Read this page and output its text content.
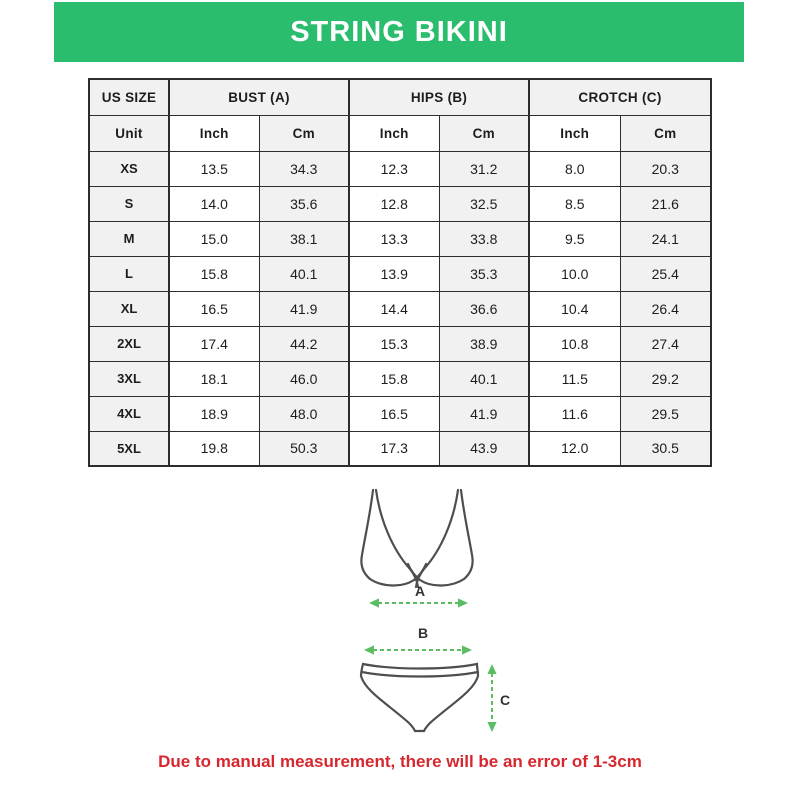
STRING BIKINI
US SIZE	BUST (A)		HIPS (B)		CROTCH (C)	
Unit	Inch	Cm	Inch	Cm	Inch	Cm
XS	13.5	34.3	12.3	31.2	8.0	20.3
S	14.0	35.6	12.8	32.5	8.5	21.6
M	15.0	38.1	13.3	33.8	9.5	24.1
L	15.8	40.1	13.9	35.3	10.0	25.4
XL	16.5	41.9	14.4	36.6	10.4	26.4
2XL	17.4	44.2	15.3	38.9	10.8	27.4
3XL	18.1	46.0	15.8	40.1	11.5	29.2
4XL	18.9	48.0	16.5	41.9	11.6	29.5
5XL	19.8	50.3	17.3	43.9	12.0	30.5
A
B
C
Due to manual measurement, there will be an error of 1-3cm
